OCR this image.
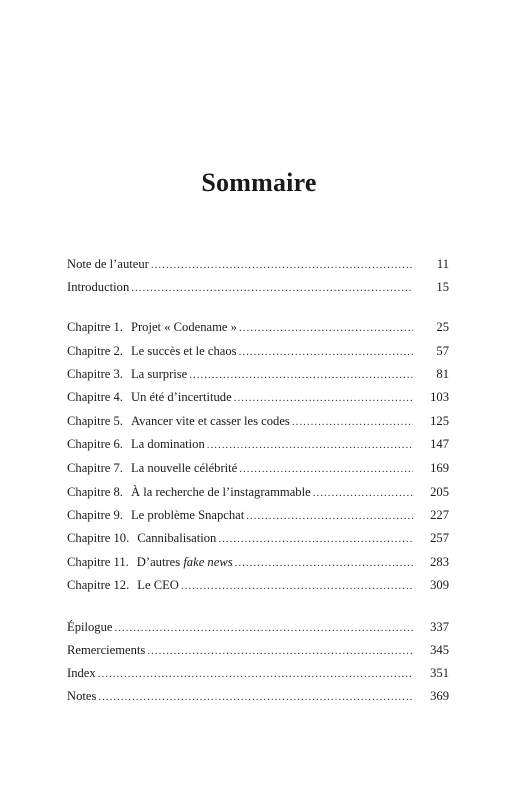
Sommaire
Note de l’auteur .....	11
Introduction .....	15
Chapitre 1. Projet « Codename » .....	25
Chapitre 2. Le succès et le chaos .....	57
Chapitre 3. La surprise .....	81
Chapitre 4. Un été d’incertitude .....	103
Chapitre 5. Avancer vite et casser les codes .....	125
Chapitre 6. La domination .....	147
Chapitre 7. La nouvelle célébrité .....	169
Chapitre 8. À la recherche de l’instagrammable .....	205
Chapitre 9. Le problème Snapchat .....	227
Chapitre 10. Cannibalisation .....	257
Chapitre 11. D’autres fake news .....	283
Chapitre 12. Le CEO .....	309
Épilogue .....	337
Remerciements .....	345
Index .....	351
Notes .....	369
